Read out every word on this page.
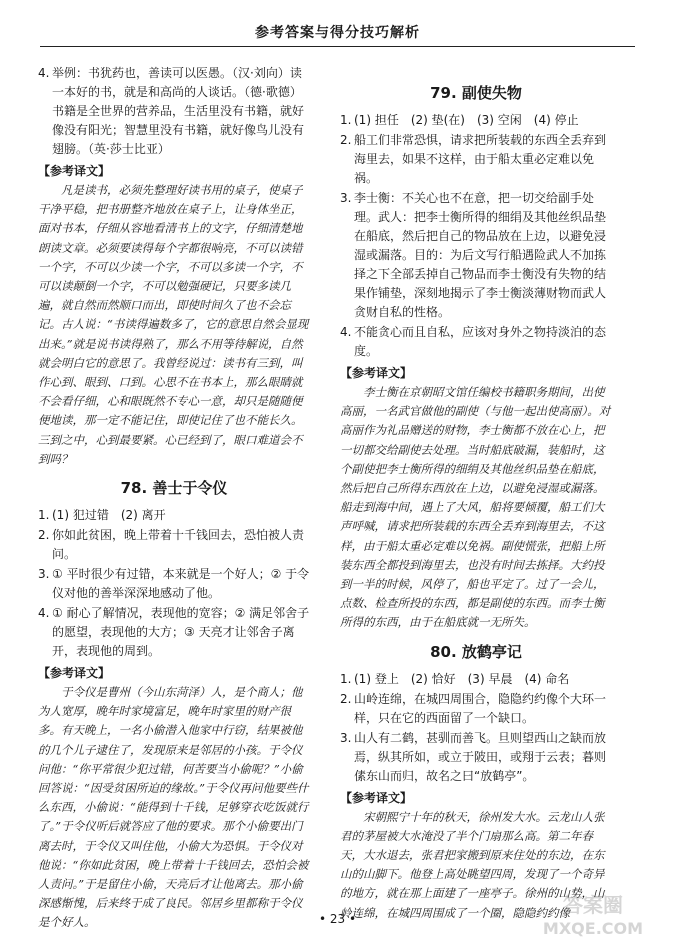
参考答案与得分技巧解析
4. 举例：书犹药也，善读可以医愚。（汉·刘向）读一本好的书，就是和高尚的人谈话。（德·歌德）书籍是全世界的营养品，生活里没有书籍，就好像没有阳光；智慧里没有书籍，就好像鸟儿没有翅膀。（英·莎士比亚）
【参考译文】

凡是读书，必须先整理好读书用的桌子，使桌子干净平稳，把书册整齐地放在桌子上，让身体坐正，面对书本，仔细从容地看清书上的文字，仔细清楚地朗读文章。必须要读得每个字都很响亮，不可以读错一个字，不可以少读一个字，不可以多读一个字，不可以读颠倒一个字，不可以勉强硬记，只要多读几遍，就自然而然顺口而出，即使时间久了也不会忘记。古人说：“书读得遍数多了，它的意思自然会显现出来。”就是说书读得熟了，那么不用等待解说，自然就会明白它的意思了。我曾经说过：读书有三到，叫作心到、眼到、口到。心思不在书本上，那么眼睛就不会看仔细，心和眼既然不专心一意，却只是随随便便地读，那一定不能记住，即使记住了也不能长久。三到之中，心到最要紧。心已经到了，眼口难道会不到吗？

78. 善士于令仪
1. (1) 犯过错　(2) 离开
2. 你如此贫困，晚上带着十千钱回去，恐怕被人责问。
3. ① 平时很少有过错，本来就是一个好人；② 于令仪对他的善举深深地感动了他。
4. ① 耐心了解情况，表现他的宽容；② 满足邻舍子的愿望，表现他的大方；③ 天亮才让邻舍子离开，表现他的周到。
【参考译文】

于令仪是曹州（今山东菏泽）人，是个商人；他为人宽厚，晚年时家境富足，晚年时家里的财产很多。有天晚上，一名小偷潜入他家中行窃，结果被他的几个儿子逮住了，发现原来是邻居的小孩。于令仪问他：“你平常很少犯过错，何苦要当小偷呢？”小偷回答说：“因受贫困所迫的缘故。”于令仪再问他要些什么东西，小偷说：“能得到十千钱，足够穿衣吃饭就行了。”于令仪听后就答应了他的要求。那个小偷要出门离去时，于令仪又叫住他，小偷大为恐惧。于令仪对他说：“你如此贫困，晚上带着十千钱回去，恐怕会被人责问。”于是留住小偷，天亮后才让他离去。那小偷深感惭愧，后来终于成了良民。邻居乡里都称于令仪是个好人。

79. 副使失物
1. (1) 担任　(2) 垫(在)　(3) 空闲　(4) 停止
2. 船工们非常恐惧，请求把所装载的东西全丢弃到海里去，如果不这样，由于船太重必定难以免祸。
3. 李士衡：不关心也不在意，把一切交给副手处理。武人：把李士衡所得的细绢及其他丝织品垫在船底，然后把自己的物品放在上边，以避免浸湿或漏落。目的：为后文写行船遇险武人不加拣择之下全部丢掉自己物品而李士衡没有失物的结果作铺垫，深刻地揭示了李士衡淡薄财物而武人贪财自私的性格。
4. 不能贪心而且自私，应该对身外之物持淡泊的态度。
【参考译文】

李士衡在京朝昭文馆任编校书籍职务期间，出使高丽，一名武官做他的副使（与他一起出使高丽）。对高丽作为礼品赠送的财物，李士衡都不放在心上，把一切都交给副使去处理。当时船底破漏，装船时，这个副使把李士衡所得的细绢及其他丝织品垫在船底，然后把自己所得东西放在上边，以避免浸湿或漏落。船走到海中间，遇上了大风，船将要倾覆，船工们大声呼喊，请求把所装载的东西全丢弃到海里去，不这样，由于船太重必定难以免祸。副使慌张，把船上所装东西全都投到海里去，也没有时间去拣择。大约投到一半的时候，风停了，船也平定了。过了一会儿，点数、检查所投的东西，都是副使的东西。而李士衡所得的东西，由于在船底就一无所失。

80. 放鹤亭记
1. (1) 登上　(2) 恰好　(3) 早晨　(4) 命名
2. 山岭连绵，在城四周围合，隐隐约约像个大环一样，只在它的西面留了一个缺口。
3. 山人有二鹤，甚驯而善飞。旦则望西山之缺而放焉，纵其所如，或立于陂田，或翔于云表；暮则傃东山而归，故名之曰“放鹤亭”。
【参考译文】

宋朝熙宁十年的秋天，徐州发大水。云龙山人张君的茅屋被大水淹没了半个门扇那么高。第二年春天，大水退去，张君把家搬到原来住处的东边，在东山的山脚下。他登上高处眺望四周，发现了一个奇异的地方，就在那上面建了一座亭子。徐州的山势，山岭连绵，在城四周围成了一个圈，隐隐约约像

• 23 •
答案圈
MXQE.COM
